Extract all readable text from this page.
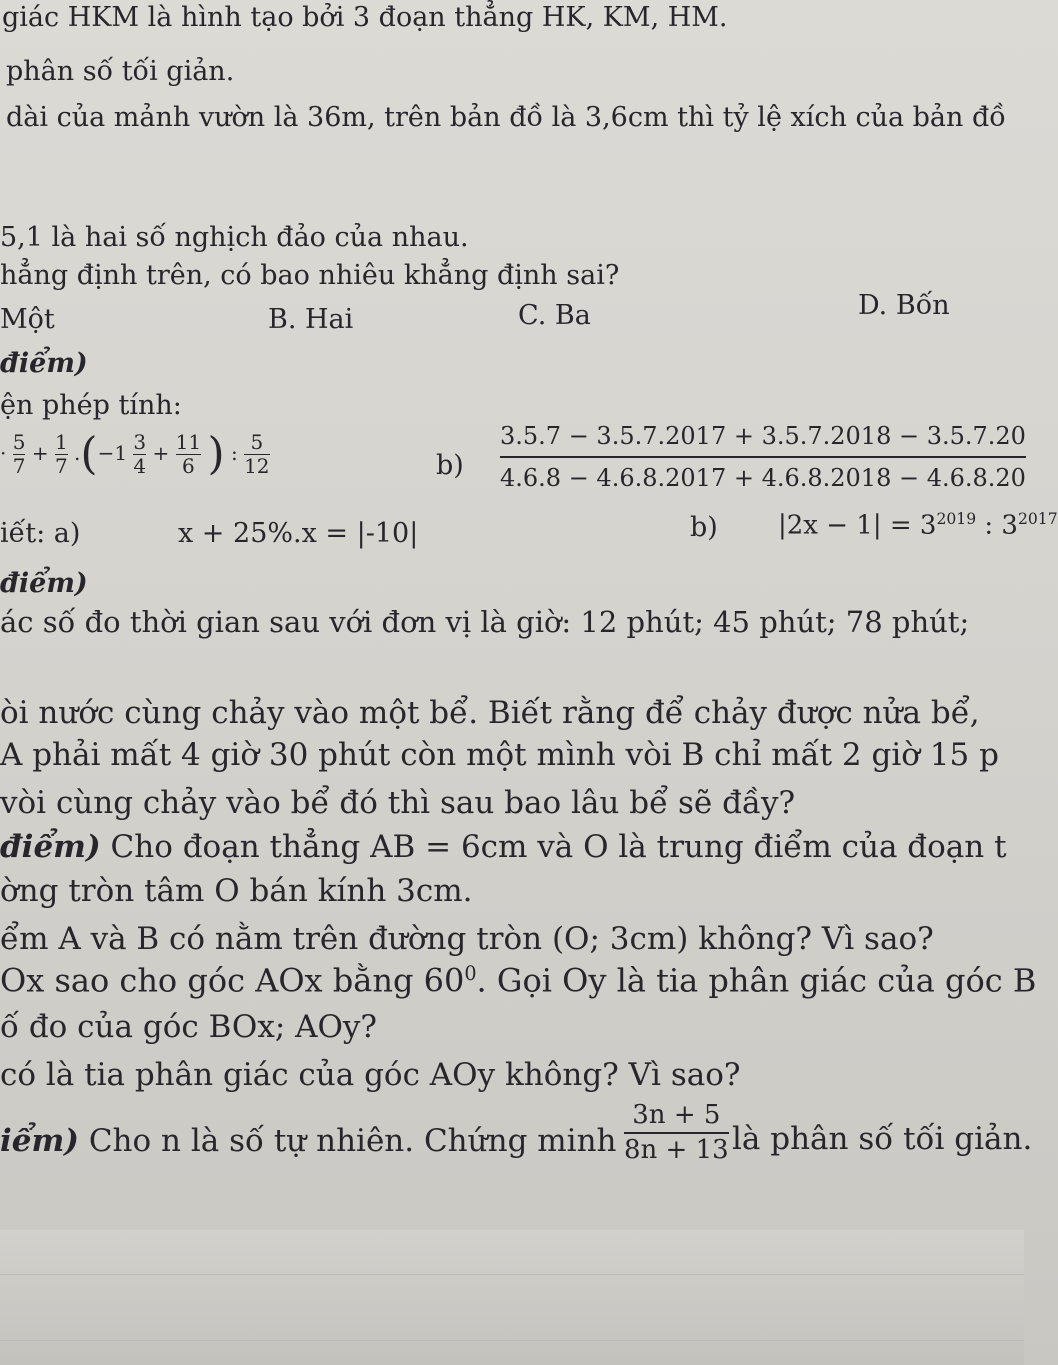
giác HKM là hình tạo bởi 3 đoạn thẳng HK, KM, HM.
phân số tối giản.
dài của mảnh vườn là 36m, trên bản đồ là 3,6cm thì tỷ lệ xích của bản đồ
5,1 là hai số nghịch đảo của nhau.
hẳng định trên, có bao nhiêu khẳng định sai?
Một	B. Hai	C. Ba	D. Bốn
điểm)
ện phép tính:
· $\frac{5}{7} + \frac{1}{7} .(-1 \frac{3}{4} + \frac{11}{6}$ ) : $\frac{5}{12}$	b)
3.5.7 − 3.5.7.2017 + 3.5.7.2018 − 3.5.7.20
4.6.8 − 4.6.8.2017 + 4.6.8.2018 − 4.6.8.20
iết: a)	x + 25%.x = |-10|	b) $|2x - 1| = 3^{2019}$ : $3^{2017}$
điểm)
ác số đo thời gian sau với đơn vị là giờ: 12 phút; 45 phút; 78 phút;
òi nước cùng chảy vào một bể. Biết rằng để chảy được nửa bể,
A phải mất 4 giờ 30 phút còn một mình vòi B chỉ mất 2 giờ 15 p
vòi cùng chảy vào bể đó thì sau bao lâu bể sẽ đầy?
điểm) Cho đoạn thẳng AB = 6cm và O là trung điểm của đoạn t
ờng tròn tâm O bán kính 3cm.
ểm A và B có nằm trên đường tròn (O; 3cm) không? Vì sao?
Ox sao cho góc AOx bằng $60^0$. Gọi Oy là tia phân giác của góc B
ố đo của góc BOx; AOy?
có là tia phân giác của góc AOy không? Vì sao?
iểm) Cho n là số tự nhiên. Chứng minh $\frac{3n + 5}{8n + 13}$ là phân số tối giản.
